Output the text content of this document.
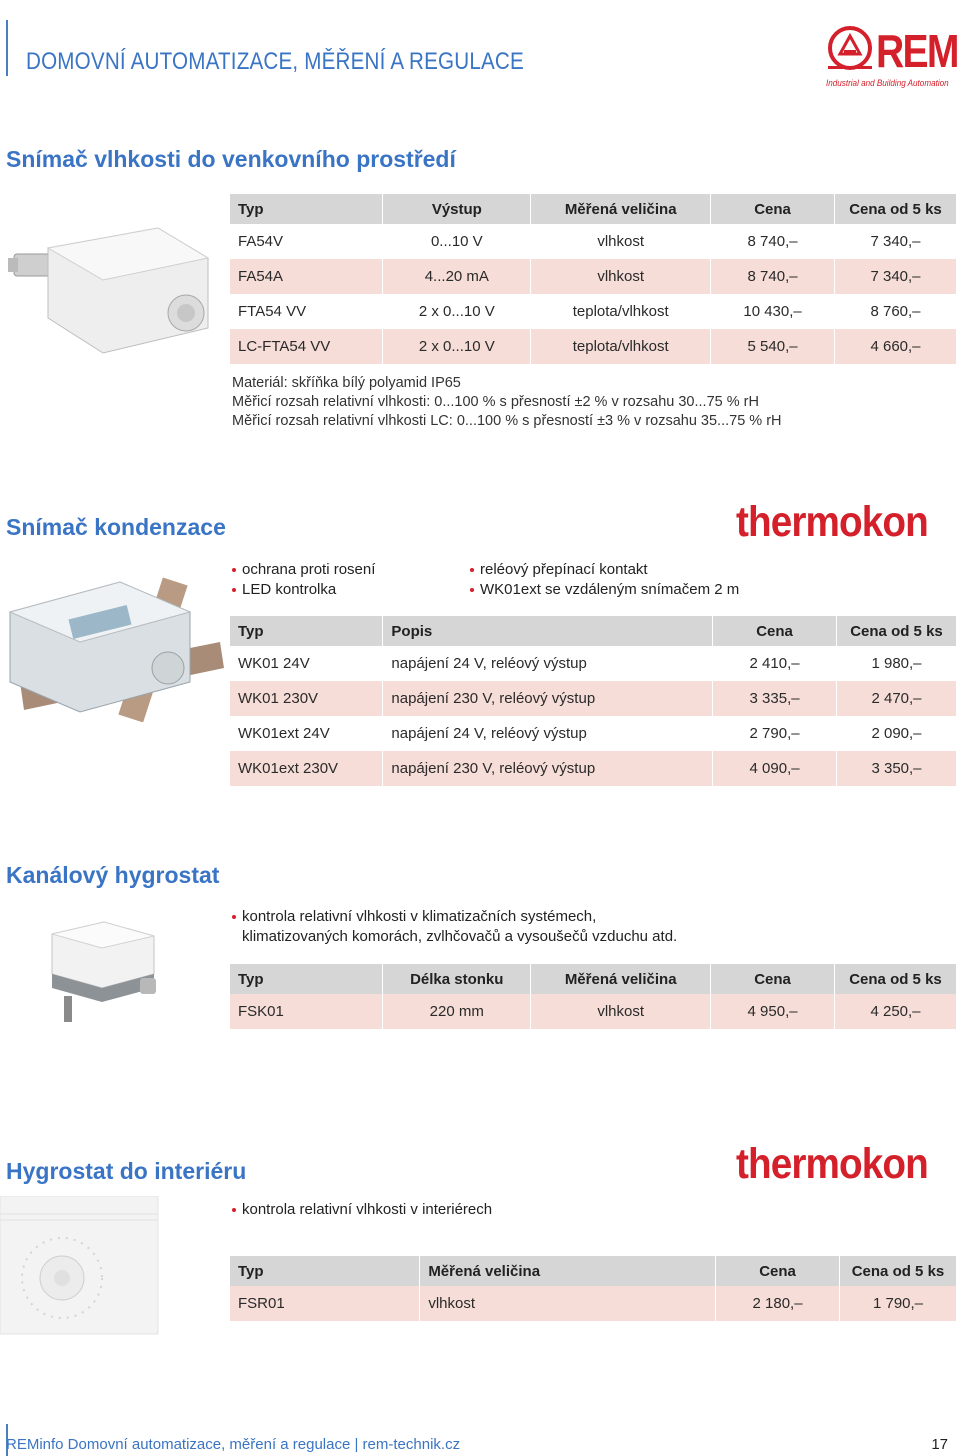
DOMOVNÍ AUTOMATIZACE, MĚŘENÍ A REGULACE	REM
Industrial and Building Automation
Snímač vlhkosti do venkovního prostředí
Typ	Výstup	Měřená veličina	Cena	Cena od 5 ks
FA54V	0...10 V	vlhkost	8 740,–	7 340,–
FA54A	4...20 mA	vlhkost	8 740,–	7 340,–
FTA54 VV	2 x 0...10 V	teplota/vlhkost	10 430,–	8 760,–
LC-FTA54 VV	2 x 0...10 V	teplota/vlhkost	5 540,–	4 660,–
Materiál: skříňka bílý polyamid IP65
Měřicí rozsah relativní vlhkosti: 0...100 % s přesností ±2 % v rozsahu 30...75 % rH
Měřicí rozsah relativní vlhkosti LC: 0...100 % s přesností ±3 % v rozsahu 35...75 % rH
Snímač kondenzace	thermokon
ochrana proti rosení
LED kontrolka
reléový přepínací kontakt
WK01ext se vzdáleným snímačem 2 m
Typ	Popis	Cena	Cena od 5 ks
WK01 24V	napájení 24 V, reléový výstup	2 410,–	1 980,–
WK01 230V	napájení 230 V, reléový výstup	3 335,–	2 470,–
WK01ext 24V	napájení 24 V, reléový výstup	2 790,–	2 090,–
WK01ext 230V	napájení 230 V, reléový výstup	4 090,–	3 350,–
Kanálový hygrostat
kontrola relativní vlhkosti v klimatizačních systémech,
klimatizovaných komorách, zvlhčovačů a vysoušečů vzduchu atd.
Typ	Délka stonku	Měřená veličina	Cena	Cena od 5 ks
FSK01	220 mm	vlhkost	4 950,–	4 250,–
Hygrostat do interiéru	thermokon
kontrola relativní vlhkosti v interiérech
Typ	Měřená veličina	Cena	Cena od 5 ks
FSR01	vlhkost	2 180,–	1 790,–
REMinfo Domovní automatizace, měření a regulace | rem-technik.cz	17
